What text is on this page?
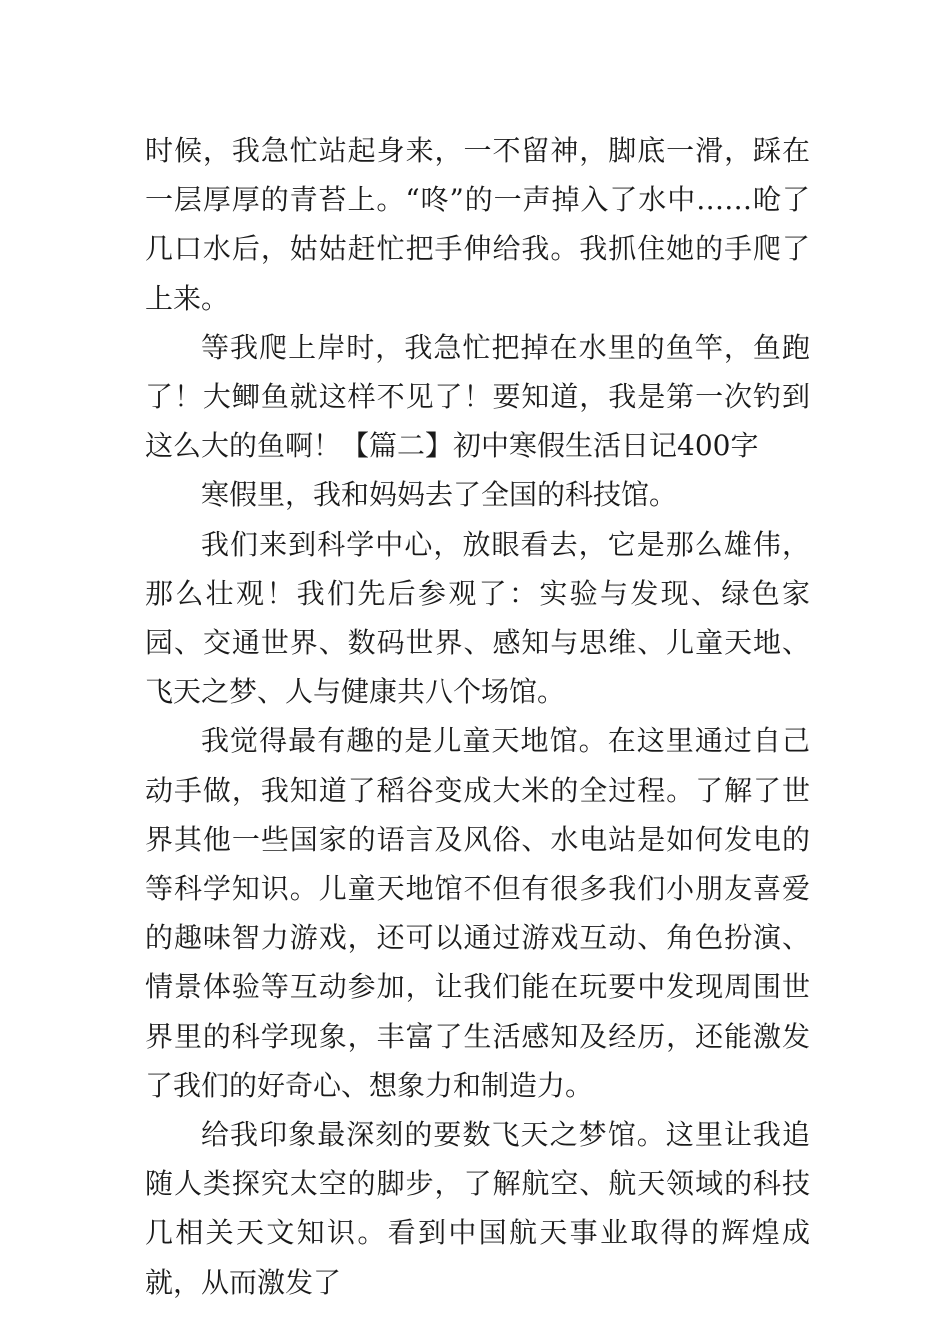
时候，我急忙站起身来，一不留神，脚底一滑，踩在一层厚厚的青苔上。“咚”的一声掉入了水中……呛了几口水后，姑姑赶忙把手伸给我。我抓住她的手爬了上来。

等我爬上岸时，我急忙把掉在水里的鱼竿，鱼跑了！大鲫鱼就这样不见了！要知道，我是第一次钓到这么大的鱼啊！【篇二】初中寒假生活日记400字

寒假里，我和妈妈去了全国的科技馆。

我们来到科学中心，放眼看去，它是那么雄伟，那么壮观！我们先后参观了：实验与发现、绿色家园、交通世界、数码世界、感知与思维、儿童天地、飞天之梦、人与健康共八个场馆。

我觉得最有趣的是儿童天地馆。在这里通过自己动手做，我知道了稻谷变成大米的全过程。了解了世界其他一些国家的语言及风俗、水电站是如何发电的等科学知识。儿童天地馆不但有很多我们小朋友喜爱的趣味智力游戏，还可以通过游戏互动、角色扮演、情景体验等互动参加，让我们能在玩要中发现周围世界里的科学现象，丰富了生活感知及经历，还能激发了我们的好奇心、想象力和制造力。

给我印象最深刻的要数飞天之梦馆。这里让我追随人类探究太空的脚步，了解航空、航天领域的科技几相关天文知识。看到中国航天事业取得的辉煌成就，从而激发了
